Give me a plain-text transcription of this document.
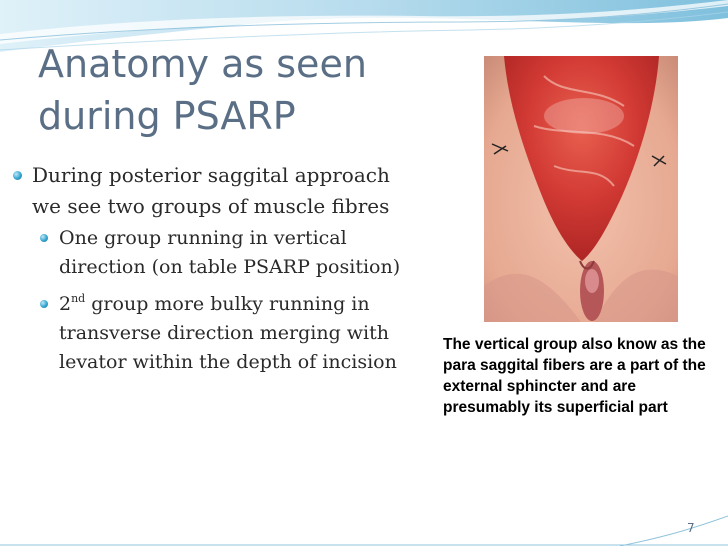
Anatomy as seen
during PSARP
During posterior saggital approach we see two groups of muscle fibres
One group running in vertical direction (on table PSARP position)
2nd group more bulky running in transverse direction merging with levator within the depth of incision
The vertical group also know as the para saggital fibers are a part of the external sphincter and are presumably its superficial part
7
